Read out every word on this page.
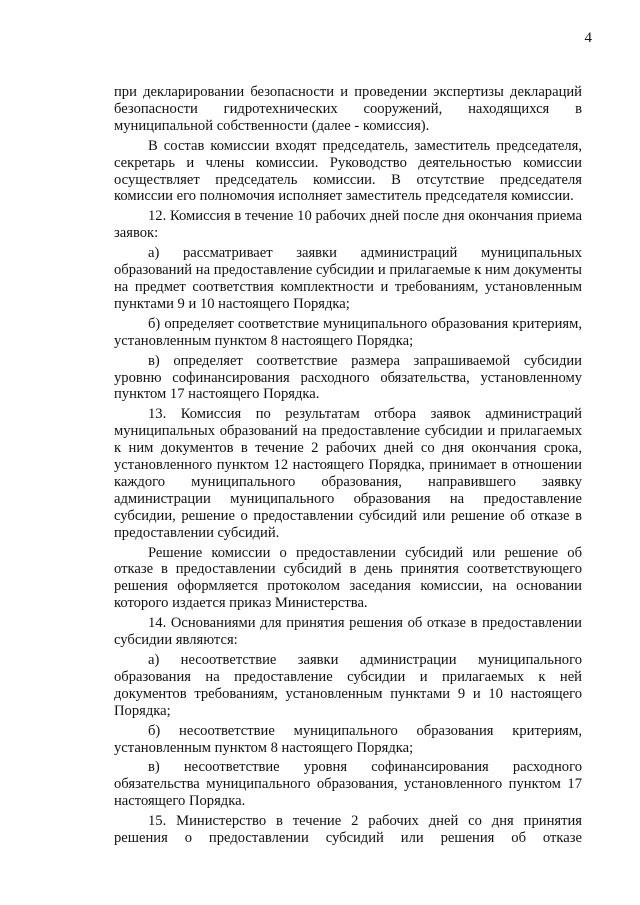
4

при декларировании безопасности и проведении экспертизы деклараций безопасности гидротехнических сооружений, находящихся в муниципальной собственности (далее - комиссия).

В состав комиссии входят председатель, заместитель председателя, секретарь и члены комиссии. Руководство деятельностью комиссии осуществляет председатель комиссии. В отсутствие председателя комиссии его полномочия исполняет заместитель председателя комиссии.

12. Комиссия в течение 10 рабочих дней после дня окончания приема заявок:

а) рассматривает заявки администраций муниципальных образований на предоставление субсидии и прилагаемые к ним документы на предмет соответствия комплектности и требованиям, установленным пунктами 9 и 10 настоящего Порядка;

б) определяет соответствие муниципального образования критериям, установленным пунктом 8 настоящего Порядка;

в) определяет соответствие размера запрашиваемой субсидии уровню софинансирования расходного обязательства, установленному пунктом 17 настоящего Порядка.

13. Комиссия по результатам отбора заявок администраций муниципальных образований на предоставление субсидии и прилагаемых к ним документов в течение 2 рабочих дней со дня окончания срока, установленного пунктом 12 настоящего Порядка, принимает в отношении каждого муниципального образования, направившего заявку администрации муниципального образования на предоставление субсидии, решение о предоставлении субсидий или решение об отказе в предоставлении субсидий.

Решение комиссии о предоставлении субсидий или решение об отказе в предоставлении субсидий в день принятия соответствующего решения оформляется протоколом заседания комиссии, на основании которого издается приказ Министерства.

14. Основаниями для принятия решения об отказе в предоставлении субсидии являются:

а) несоответствие заявки администрации муниципального образования на предоставление субсидии и прилагаемых к ней документов требованиям, установленным пунктами 9 и 10 настоящего Порядка;

б) несоответствие муниципального образования критериям, установленным пунктом 8 настоящего Порядка;

в) несоответствие уровня софинансирования расходного обязательства муниципального образования, установленного пунктом 17 настоящего Порядка.

15. Министерство в течение 2 рабочих дней со дня принятия решения о предоставлении субсидий или решения об отказе
